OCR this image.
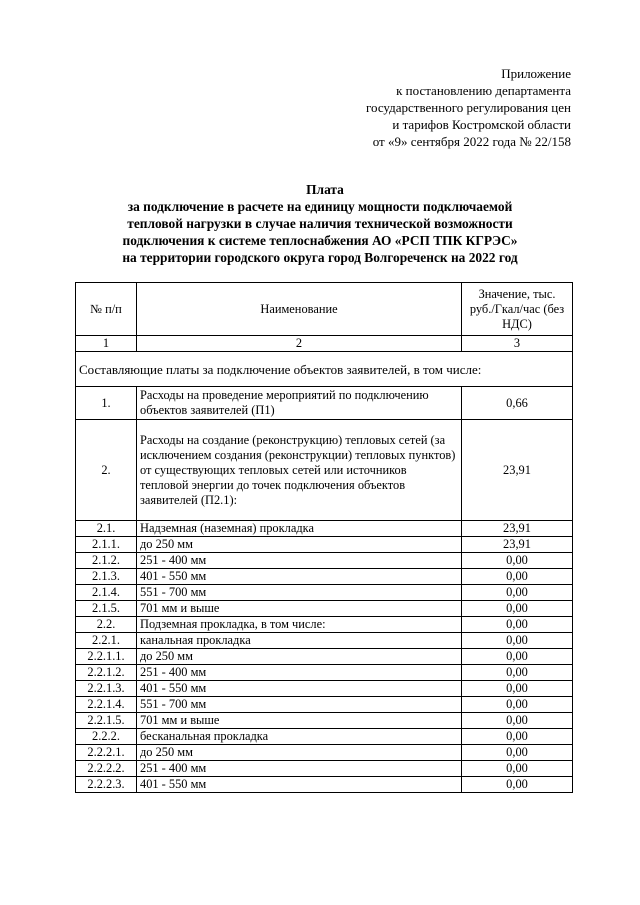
Приложение
к постановлению департамента
государственного регулирования цен
и тарифов Костромской области
от «9» сентября 2022 года № 22/158
Плата
за подключение в расчете на единицу мощности подключаемой
тепловой нагрузки в случае наличия технической возможности
подключения к системе теплоснабжения АО «РСП ТПК КГРЭС»
на территории городского округа город Волгореченск на 2022 год
№ п/п	Наименование	Значение, тыс. руб./Гкал/час (без НДС)
1	2	3
Составляющие платы за подключение объектов заявителей, в том числе:		
1.	Расходы на проведение мероприятий по подключению объектов заявителей (П1)	0,66
2.	Расходы на создание (реконструкцию) тепловых сетей (за исключением создания (реконструкции) тепловых пунктов) от существующих тепловых сетей или источников тепловой энергии до точек подключения объектов заявителей (П2.1):	23,91
2.1.	Надземная (наземная) прокладка	23,91
2.1.1.	до 250 мм	23,91
2.1.2.	251 - 400 мм	0,00
2.1.3.	401 - 550 мм	0,00
2.1.4.	551 - 700 мм	0,00
2.1.5.	701 мм и выше	0,00
2.2.	Подземная прокладка, в том числе:	0,00
2.2.1.	канальная прокладка	0,00
2.2.1.1.	до 250 мм	0,00
2.2.1.2.	251 - 400 мм	0,00
2.2.1.3.	401 - 550 мм	0,00
2.2.1.4.	551 - 700 мм	0,00
2.2.1.5.	701 мм и выше	0,00
2.2.2.	бесканальная прокладка	0,00
2.2.2.1.	до 250 мм	0,00
2.2.2.2.	251 - 400 мм	0,00
2.2.2.3.	401 - 550 мм	0,00
